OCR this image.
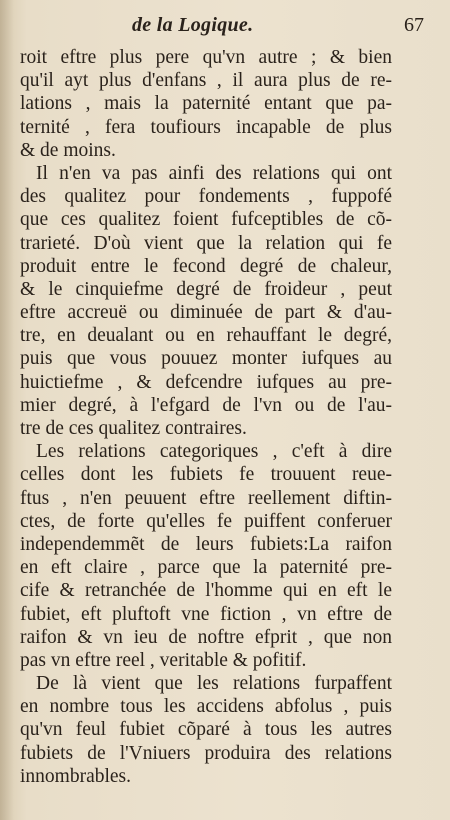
de la Logique.	67
roit eftre plus pere qu'vn autre ; & bien
qu'il ayt plus d'enfans , il aura plus de re-
lations , mais la paternité entant que pa-
ternité , fera toufiours incapable de plus
& de moins.
Il n'en va pas ainfi des relations qui ont
des qualitez pour fondements , fuppofé
que ces qualitez foient fufceptibles de cõ-
trarieté. D'où vient que la relation qui fe
produit entre le fecond degré de chaleur,
& le cinquiefme degré de froideur , peut
eftre accreuë ou diminuée de part & d'au-
tre, en deualant ou en rehauffant le degré,
puis que vous pouuez monter iufques au
huictiefme , & defcendre iufques au pre-
mier degré, à l'efgard de l'vn ou de l'au-
tre de ces qualitez contraires.
Les relations categoriques , c'eft à dire
celles dont les fubiets fe trouuent reue-
ftus , n'en peuuent eftre reellement diftin-
ctes, de forte qu'elles fe puiffent conferuer
independemmẽt de leurs fubiets:La raifon
en eft claire , parce que la paternité pre-
cife & retranchée de l'homme qui en eft le
fubiet, eft pluftoft vne fiction , vn eftre de
raifon & vn ieu de noftre efprit , que non
pas vn eftre reel , veritable & pofitif.
De là vient que les relations furpaffent
en nombre tous les accidens abfolus , puis
qu'vn feul fubiet cõparé à tous les autres
fubiets de l'Vniuers produira des relations
innombrables.
